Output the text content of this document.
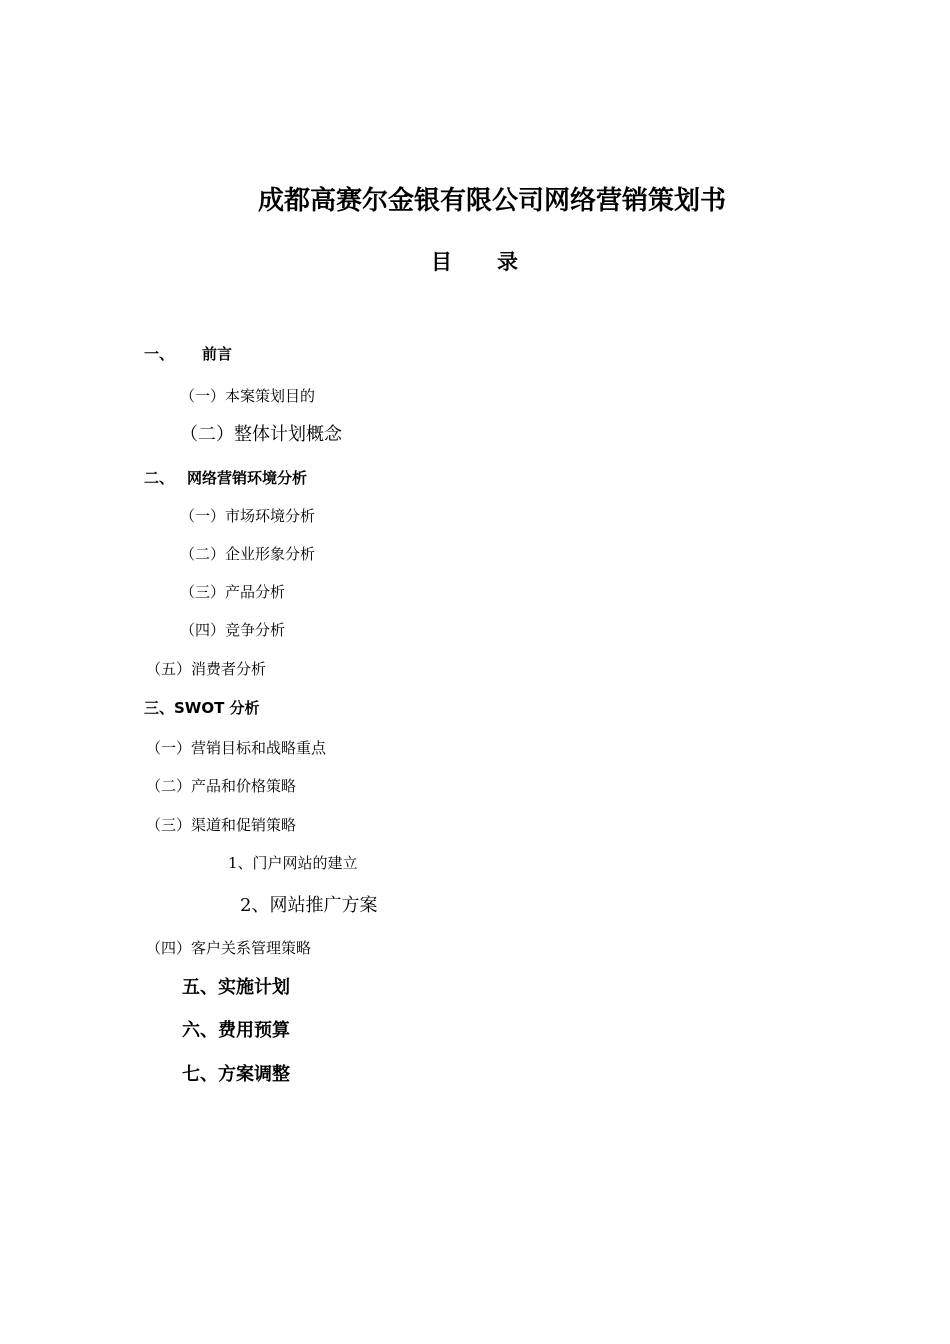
成都高赛尔金银有限公司网络营销策划书
目 录
一、 前言
（一）本案策划目的
（二）整体计划概念
二、 网络营销环境分析
（一）市场环境分析
（二）企业形象分析
（三）产品分析
（四）竞争分析
（五）消费者分析
三、SWOT 分析
（一）营销目标和战略重点
（二）产品和价格策略
（三）渠道和促销策略
1、门户网站的建立
2、网站推广方案
（四）客户关系管理策略
五、实施计划
六、费用预算
七、方案调整
